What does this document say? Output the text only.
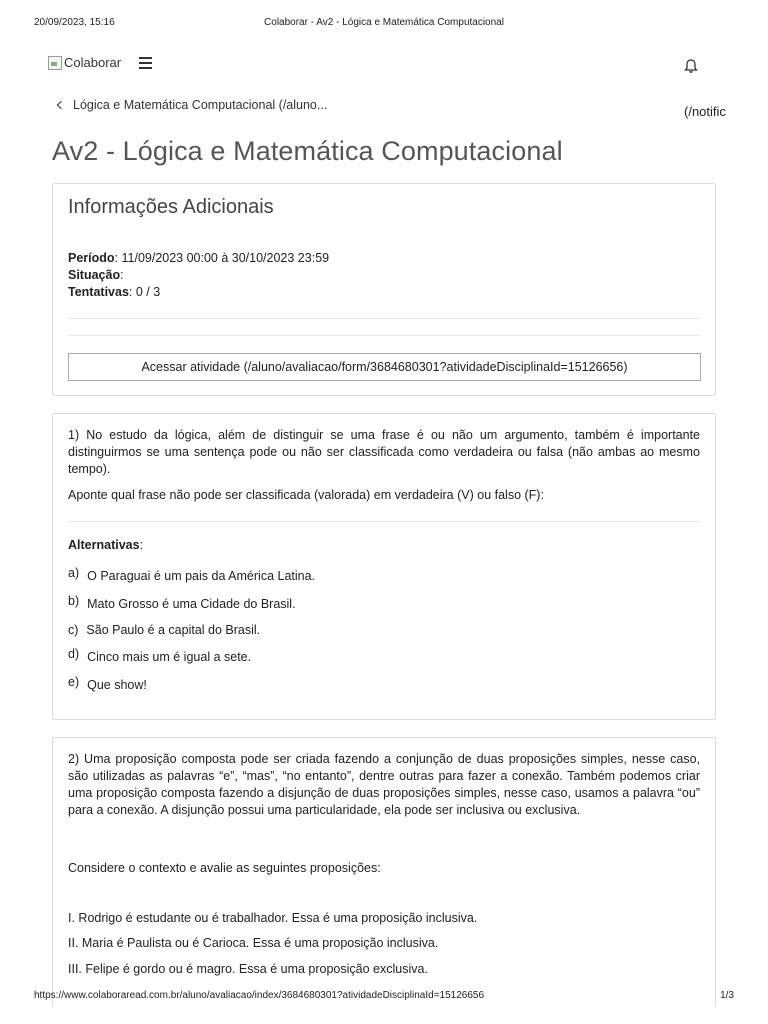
20/09/2023, 15:16	Colaborar - Av2 - Lógica e Matemática Computacional
Colaborar
Lógica e Matemática Computacional (/aluno...	(/notific
Av2 - Lógica e Matemática Computacional
Informações Adicionais
Período: 11/09/2023 00:00 à 30/10/2023 23:59
Situação:
Tentativas: 0 / 3
Acessar atividade (/aluno/avaliacao/form/3684680301?atividadeDisciplinaId=15126656)

1) No estudo da lógica, além de distinguir se uma frase é ou não um argumento, também é importante distinguirmos se uma sentença pode ou não ser classificada como verdadeira ou falsa (não ambas ao mesmo tempo).

Aponte qual frase não pode ser classificada (valorada) em verdadeira (V) ou falso (F):

Alternativas:
a) O Paraguai é um pais da América Latina.
b) Mato Grosso é uma Cidade do Brasil.
c) São Paulo é a capital do Brasil.
d) Cinco mais um é igual a sete.
e) Que show!

2) Uma proposição composta pode ser criada fazendo a conjunção de duas proposições simples, nesse caso, são utilizadas as palavras “e”, “mas”, “no entanto”, dentre outras para fazer a conexão. Também podemos criar uma proposição composta fazendo a disjunção de duas proposições simples, nesse caso, usamos a palavra “ou” para a conexão. A disjunção possui uma particularidade, ela pode ser inclusiva ou exclusiva.

Considere o contexto e avalie as seguintes proposições:

I. Rodrigo é estudante ou é trabalhador. Essa é uma proposição inclusiva.

II. Maria é Paulista ou é Carioca. Essa é uma proposição inclusiva.

III. Felipe é gordo ou é magro. Essa é uma proposição exclusiva.

https://www.colaboraread.com.br/aluno/avaliacao/index/3684680301?atividadeDisciplinaId=15126656	1/3
